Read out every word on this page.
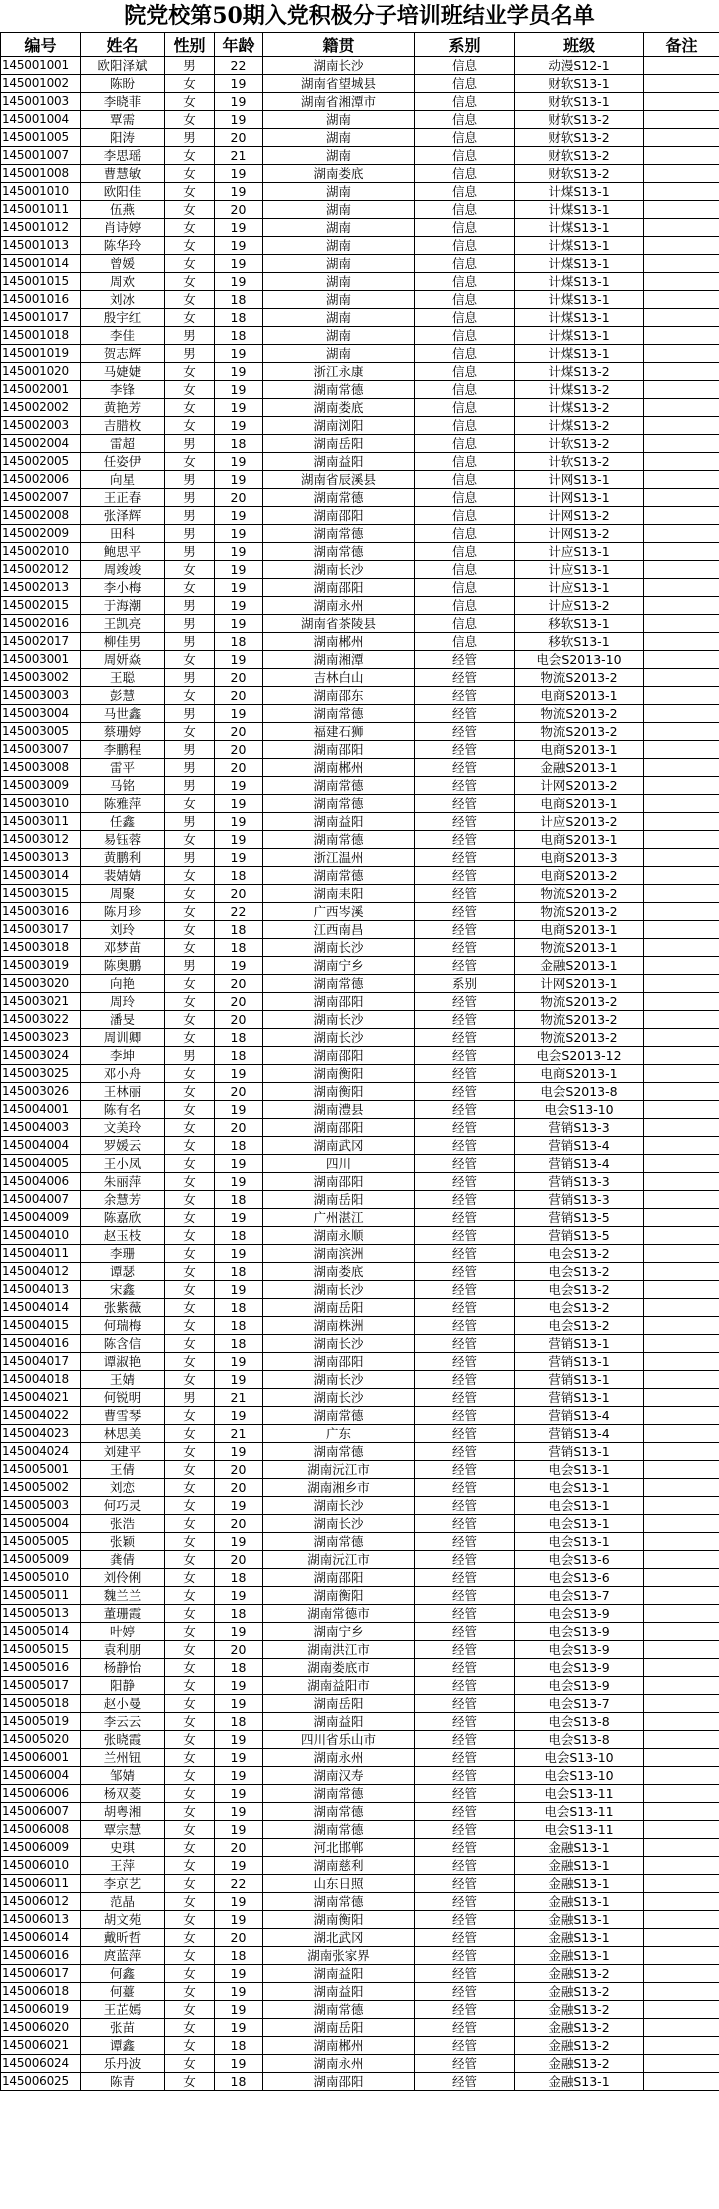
院党校第50期入党积极分子培训班结业学员名单
编号	姓名	性别	年龄	籍贯	系别	班级	备注
145001001	欧阳泽斌	男	22	湖南长沙	信息	动漫S12-1	
145001002	陈盼	女	19	湖南省望城县	信息	财软S13-1	
145001003	李晓菲	女	19	湖南省湘潭市	信息	财软S13-1	
145001004	覃需	女	19	湖南	信息	财软S13-2	
145001005	阳涛	男	20	湖南	信息	财软S13-2	
145001007	李思瑶	女	21	湖南	信息	财软S13-2	
145001008	曹慧敏	女	19	湖南娄底	信息	财软S13-2	
145001010	欧阳佳	女	19	湖南	信息	计煤S13-1	
145001011	伍燕	女	20	湖南	信息	计煤S13-1	
145001012	肖诗婷	女	19	湖南	信息	计煤S13-1	
145001013	陈华玲	女	19	湖南	信息	计煤S13-1	
145001014	曾媛	女	19	湖南	信息	计煤S13-1	
145001015	周欢	女	19	湖南	信息	计煤S13-1	
145001016	刘冰	女	18	湖南	信息	计煤S13-1	
145001017	殷宇红	女	18	湖南	信息	计煤S13-1	
145001018	李佳	男	18	湖南	信息	计煤S13-1	
145001019	贺志辉	男	19	湖南	信息	计煤S13-1	
145001020	马婕婕	女	19	浙江永康	信息	计煤S13-2	
145002001	李锋	女	19	湖南常德	信息	计煤S13-2	
145002002	黄艳芳	女	19	湖南娄底	信息	计煤S13-2	
145002003	吉腊枚	女	19	湖南浏阳	信息	计煤S13-2	
145002004	雷超	男	18	湖南岳阳	信息	计软S13-2	
145002005	任姿伊	女	19	湖南益阳	信息	计软S13-2	
145002006	向星	男	19	湖南省辰溪县	信息	计网S13-1	
145002007	王正春	男	20	湖南常德	信息	计网S13-1	
145002008	张泽辉	男	19	湖南邵阳	信息	计网S13-2	
145002009	田科	男	19	湖南常德	信息	计网S13-2	
145002010	鲍思平	男	19	湖南常德	信息	计应S13-1	
145002012	周竣竣	女	19	湖南长沙	信息	计应S13-1	
145002013	李小梅	女	19	湖南邵阳	信息	计应S13-1	
145002015	于海潮	男	19	湖南永州	信息	计应S13-2	
145002016	王凯亮	男	19	湖南省茶陵县	信息	移软S13-1	
145002017	柳佳男	男	18	湖南郴州	信息	移软S13-1	
145003001	周妍焱	女	19	湖南湘潭	经管	电会S2013-10	
145003002	王聪	男	20	吉林白山	经管	物流S2013-2	
145003003	彭慧	女	20	湖南邵东	经管	电商S2013-1	
145003004	马世鑫	男	19	湖南常德	经管	物流S2013-2	
145003005	蔡珊婷	女	20	福建石狮	经管	物流S2013-2	
145003007	李鹏程	男	20	湖南邵阳	经管	电商S2013-1	
145003008	雷平	男	20	湖南郴州	经管	金融S2013-1	
145003009	马铭	男	19	湖南常德	经管	计网S2013-2	
145003010	陈雅萍	女	19	湖南常德	经管	电商S2013-1	
145003011	任鑫	男	19	湖南益阳	经管	计应S2013-2	
145003012	易钰蓉	女	19	湖南常德	经管	电商S2013-1	
145003013	黄鹏利	男	19	浙江温州	经管	电商S2013-3	
145003014	裴婧婧	女	18	湖南常德	经管	电商S2013-2	
145003015	周聚	女	20	湖南耒阳	经管	物流S2013-2	
145003016	陈月珍	女	22	广西岑溪	经管	物流S2013-2	
145003017	刘玲	女	18	江西南昌	经管	电商S2013-1	
145003018	邓梦苗	女	18	湖南长沙	经管	物流S2013-1	
145003019	陈奥鹏	男	19	湖南宁乡	经管	金融S2013-1	
145003020	向艳	女	20	湖南常德	系别	计网S2013-1	
145003021	周玲	女	20	湖南邵阳	经管	物流S2013-2	
145003022	潘旻	女	20	湖南长沙	经管	物流S2013-2	
145003023	周训卿	女	18	湖南长沙	经管	物流S2013-2	
145003024	李坤	男	18	湖南邵阳	经管	电会S2013-12	
145003025	邓小舟	女	19	湖南衡阳	经管	电商S2013-1	
145003026	王林丽	女	20	湖南衡阳	经管	电会S2013-8	
145004001	陈有名	女	19	湖南澧县	经管	电会S13-10	
145004003	文美玲	女	20	湖南邵阳	经管	营销S13-3	
145004004	罗媛云	女	18	湖南武冈	经管	营销S13-4	
145004005	王小凤	女	19	四川	经管	营销S13-4	
145004006	朱丽萍	女	19	湖南邵阳	经管	营销S13-3	
145004007	余慧芳	女	18	湖南岳阳	经管	营销S13-3	
145004009	陈嘉欣	女	19	广州湛江	经管	营销S13-5	
145004010	赵玉枝	女	18	湖南永顺	经管	营销S13-5	
145004011	李珊	女	19	湖南滨洲	经管	电会S13-2	
145004012	谭瑟	女	18	湖南娄底	经管	电会S13-2	
145004013	宋鑫	女	19	湖南长沙	经管	电会S13-2	
145004014	张紫薇	女	18	湖南岳阳	经管	电会S13-2	
145004015	何瑞梅	女	18	湖南株洲	经管	电会S13-2	
145004016	陈含信	女	18	湖南长沙	经管	营销S13-1	
145004017	谭淑艳	女	19	湖南邵阳	经管	营销S13-1	
145004018	王婧	女	19	湖南长沙	经管	营销S13-1	
145004021	何锐明	男	21	湖南长沙	经管	营销S13-1	
145004022	曹雪琴	女	19	湖南常德	经管	营销S13-4	
145004023	林思美	女	21	广东	经管	营销S13-4	
145004024	刘建平	女	19	湖南常德	经管	营销S13-1	
145005001	王倩	女	20	湖南沅江市	经管	电会S13-1	
145005002	刘恋	女	20	湖南湘乡市	经管	电会S13-1	
145005003	何巧灵	女	19	湖南长沙	经管	电会S13-1	
145005004	张浩	女	20	湖南长沙	经管	电会S13-1	
145005005	张颖	女	19	湖南常德	经管	电会S13-1	
145005009	龚倩	女	20	湖南沅江市	经管	电会S13-6	
145005010	刘伶俐	女	18	湖南邵阳	经管	电会S13-6	
145005011	魏兰兰	女	19	湖南衡阳	经管	电会S13-7	
145005013	董珊霞	女	18	湖南常德市	经管	电会S13-9	
145005014	叶婷	女	19	湖南宁乡	经管	电会S13-9	
145005015	袁利朋	女	20	湖南洪江市	经管	电会S13-9	
145005016	杨静怡	女	18	湖南娄底市	经管	电会S13-9	
145005017	阳静	女	19	湖南益阳市	经管	电会S13-9	
145005018	赵小曼	女	19	湖南岳阳	经管	电会S13-7	
145005019	李云云	女	18	湖南益阳	经管	电会S13-8	
145005020	张晓霞	女	19	四川省乐山市	经管	电会S13-8	
145006001	兰州钮	女	19	湖南永州	经管	电会S13-10	
145006004	邹婧	女	19	湖南汉寿	经管	电会S13-10	
145006006	杨双菱	女	19	湖南常德	经管	电会S13-11	
145006007	胡粤湘	女	19	湖南常德	经管	电会S13-11	
145006008	覃宗慧	女	19	湖南常德	经管	电会S13-11	
145006009	史琪	女	20	河北邯郸	经管	金融S13-1	
145006010	王萍	女	19	湖南慈利	经管	金融S13-1	
145006011	李京艺	女	22	山东日照	经管	金融S13-1	
145006012	范晶	女	19	湖南常德	经管	金融S13-1	
145006013	胡文苑	女	19	湖南衡阳	经管	金融S13-1	
145006014	戴昕哲	女	20	湖北武冈	经管	金融S13-1	
145006016	庹蓝萍	女	18	湖南张家界	经管	金融S13-1	
145006017	何鑫	女	19	湖南益阳	经管	金融S13-2	
145006018	何薹	女	19	湖南益阳	经管	金融S13-2	
145006019	王芷嫣	女	19	湖南常德	经管	金融S13-2	
145006020	张苗	女	19	湖南岳阳	经管	金融S13-2	
145006021	谭鑫	女	18	湖南郴州	经管	金融S13-2	
145006024	乐丹波	女	19	湖南永州	经管	金融S13-2	
145006025	陈青	女	18	湖南邵阳	经管	金融S13-1	
